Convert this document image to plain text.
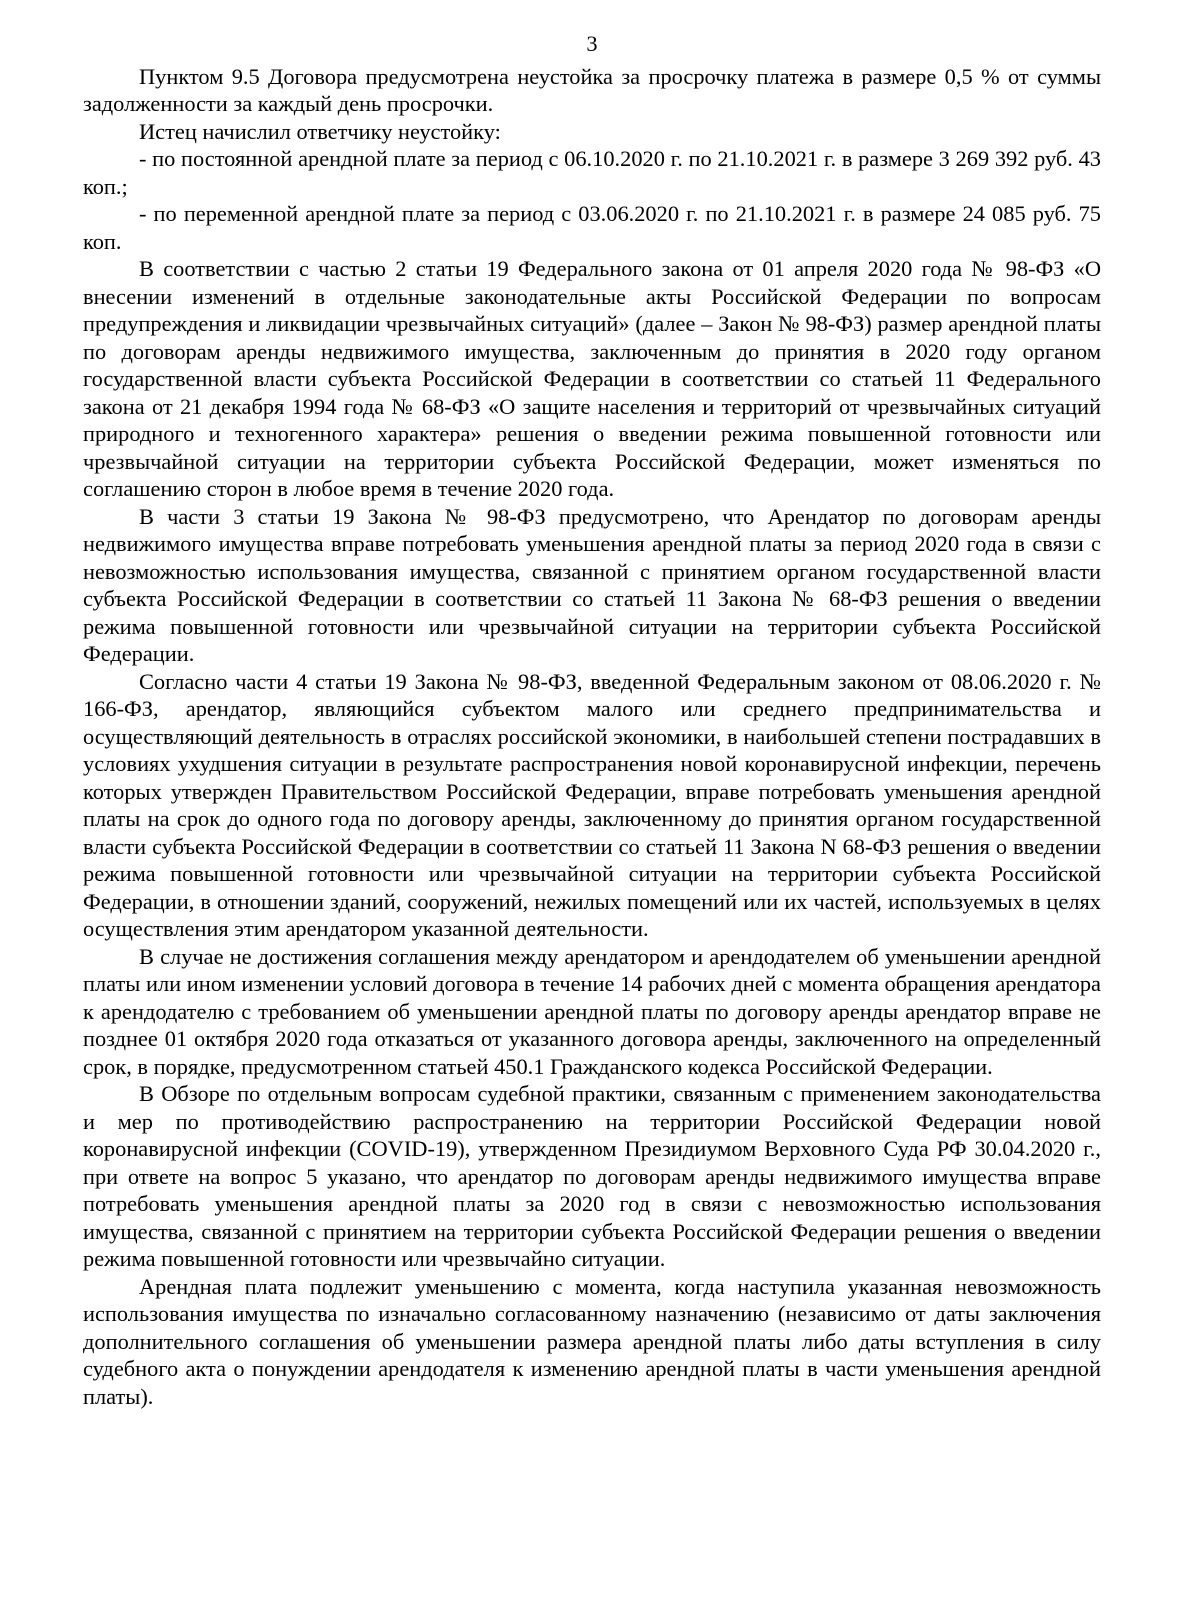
3

Пунктом 9.5 Договора предусмотрена неустойка за просрочку платежа в размере 0,5 % от суммы задолженности за каждый день просрочки.

Истец начислил ответчику неустойку:

- по постоянной арендной плате за период с 06.10.2020 г. по 21.10.2021 г. в размере 3 269 392 руб. 43 коп.;

- по переменной арендной плате за период с 03.06.2020 г. по 21.10.2021 г. в размере 24 085 руб. 75 коп.

В соответствии с частью 2 статьи 19 Федерального закона от 01 апреля 2020 года № 98-ФЗ «О внесении изменений в отдельные законодательные акты Российской Федерации по вопросам предупреждения и ликвидации чрезвычайных ситуаций» (далее – Закон № 98-ФЗ) размер арендной платы по договорам аренды недвижимого имущества, заключенным до принятия в 2020 году органом государственной власти субъекта Российской Федерации в соответствии со статьей 11 Федерального закона от 21 декабря 1994 года № 68-ФЗ «О защите населения и территорий от чрезвычайных ситуаций природного и техногенного характера» решения о введении режима повышенной готовности или чрезвычайной ситуации на территории субъекта Российской Федерации, может изменяться по соглашению сторон в любое время в течение 2020 года.

В части 3 статьи 19 Закона № 98-ФЗ предусмотрено, что Арендатор по договорам аренды недвижимого имущества вправе потребовать уменьшения арендной платы за период 2020 года в связи с невозможностью использования имущества, связанной с принятием органом государственной власти субъекта Российской Федерации в соответствии со статьей 11 Закона № 68-ФЗ решения о введении режима повышенной готовности или чрезвычайной ситуации на территории субъекта Российской Федерации.

Согласно части 4 статьи 19 Закона № 98-ФЗ, введенной Федеральным законом от 08.06.2020 г. № 166-ФЗ, арендатор, являющийся субъектом малого или среднего предпринимательства и осуществляющий деятельность в отраслях российской экономики, в наибольшей степени пострадавших в условиях ухудшения ситуации в результате распространения новой коронавирусной инфекции, перечень которых утвержден Правительством Российской Федерации, вправе потребовать уменьшения арендной платы на срок до одного года по договору аренды, заключенному до принятия органом государственной власти субъекта Российской Федерации в соответствии со статьей 11 Закона N 68-ФЗ решения о введении режима повышенной готовности или чрезвычайной ситуации на территории субъекта Российской Федерации, в отношении зданий, сооружений, нежилых помещений или их частей, используемых в целях осуществления этим арендатором указанной деятельности.

В случае не достижения соглашения между арендатором и арендодателем об уменьшении арендной платы или ином изменении условий договора в течение 14 рабочих дней с момента обращения арендатора к арендодателю с требованием об уменьшении арендной платы по договору аренды арендатор вправе не позднее 01 октября 2020 года отказаться от указанного договора аренды, заключенного на определенный срок, в порядке, предусмотренном статьей 450.1 Гражданского кодекса Российской Федерации.

В Обзоре по отдельным вопросам судебной практики, связанным с применением законодательства и мер по противодействию распространению на территории Российской Федерации новой коронавирусной инфекции (COVID-19), утвержденном Президиумом Верховного Суда РФ 30.04.2020 г., при ответе на вопрос 5 указано, что арендатор по договорам аренды недвижимого имущества вправе потребовать уменьшения арендной платы за 2020 год в связи с невозможностью использования имущества, связанной с принятием на территории субъекта Российской Федерации решения о введении режима повышенной готовности или чрезвычайно ситуации.

Арендная плата подлежит уменьшению с момента, когда наступила указанная невозможность использования имущества по изначально согласованному назначению (независимо от даты заключения дополнительного соглашения об уменьшении размера арендной платы либо даты вступления в силу судебного акта о понуждении арендодателя к изменению арендной платы в части уменьшения арендной платы).
